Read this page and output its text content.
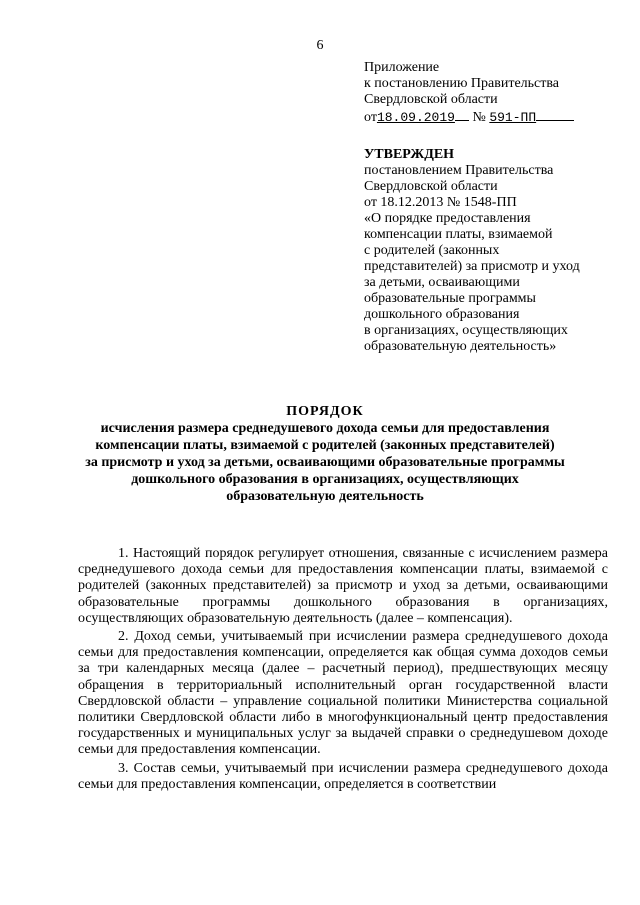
6
Приложение
к постановлению Правительства
Свердловской области
от18.09.2019 № 591-ПП
УТВЕРЖДЕН
постановлением Правительства
Свердловской области
от 18.12.2013 № 1548-ПП
«О порядке предоставления
компенсации платы, взимаемой
с родителей (законных
представителей) за присмотр и уход
за детьми, осваивающими
образовательные программы
дошкольного образования
в организациях, осуществляющих
образовательную деятельность»
ПОРЯДОК
исчисления размера среднедушевого дохода семьи для предоставления
компенсации платы, взимаемой с родителей (законных представителей)
за присмотр и уход за детьми, осваивающими образовательные программы
дошкольного образования в организациях, осуществляющих
образовательную деятельность

1. Настоящий порядок регулирует отношения, связанные с исчислением размера среднедушевого дохода семьи для предоставления компенсации платы, взимаемой с родителей (законных представителей) за присмотр и уход за детьми, осваивающими образовательные программы дошкольного образования в организациях, осуществляющих образовательную деятельность (далее – компенсация).

2. Доход семьи, учитываемый при исчислении размера среднедушевого дохода семьи для предоставления компенсации, определяется как общая сумма доходов семьи за три календарных месяца (далее – расчетный период), предшествующих месяцу обращения в территориальный исполнительный орган государственной власти Свердловской области – управление социальной политики Министерства социальной политики Свердловской области либо в многофункциональный центр предоставления государственных и муниципальных услуг за выдачей справки о среднедушевом доходе семьи для предоставления компенсации.

3. Состав семьи, учитываемый при исчислении размера среднедушевого дохода семьи для предоставления компенсации, определяется в соответствии
